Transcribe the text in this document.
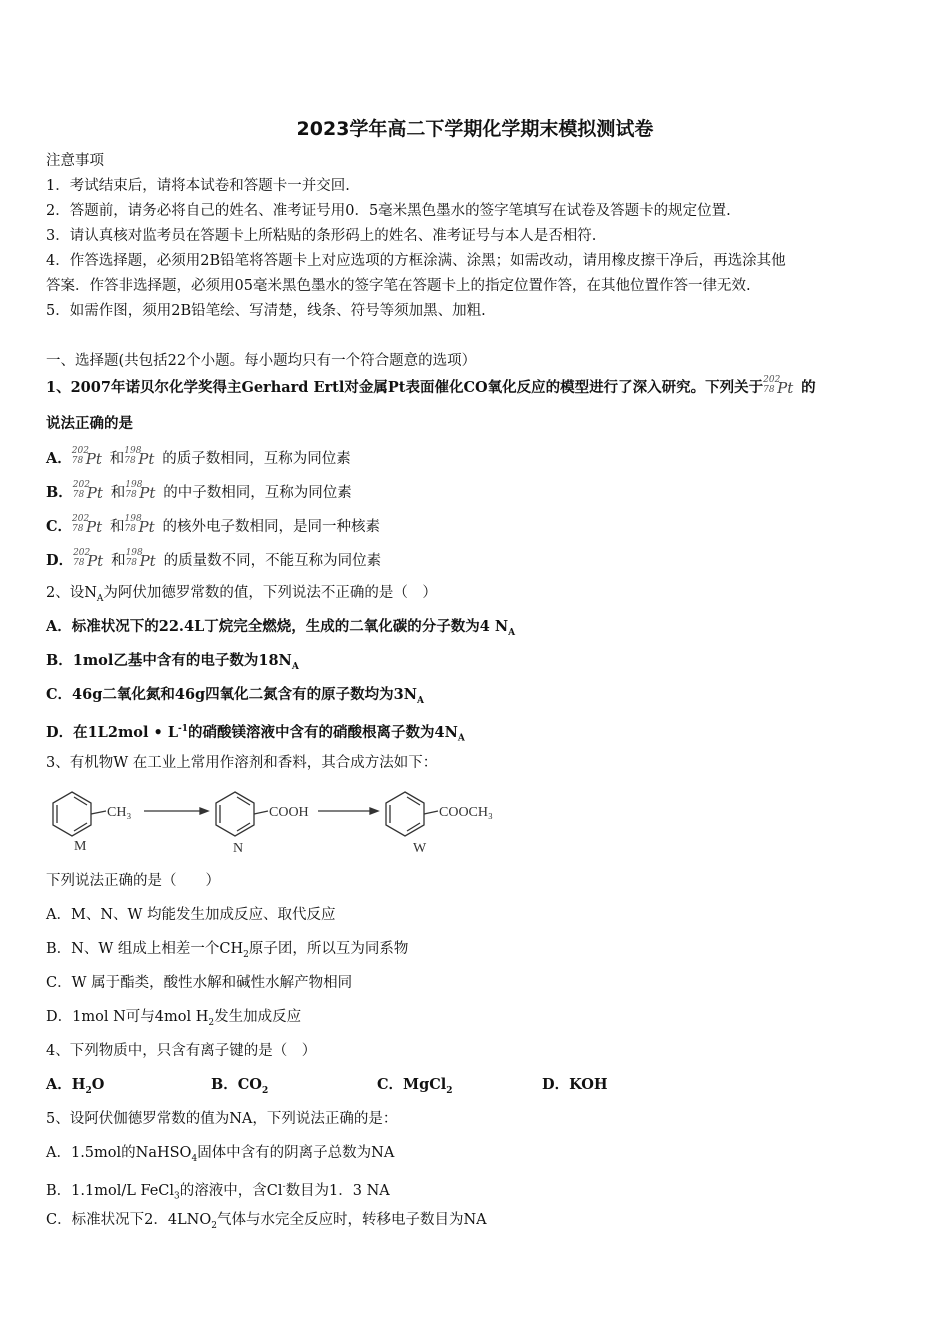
2023学年高二下学期化学期末模拟测试卷
注意事项
1．考试结束后，请将本试卷和答题卡一并交回.
2．答题前，请务必将自己的姓名、准考证号用0．5毫米黑色墨水的签字笔填写在试卷及答题卡的规定位置.
3．请认真核对监考员在答题卡上所粘贴的条形码上的姓名、准考证号与本人是否相符.
4．作答选择题，必须用2B铅笔将答题卡上对应选项的方框涂满、涂黑；如需改动，请用橡皮擦干净后，再选涂其他
答案．作答非选择题，必须用05毫米黑色墨水的签字笔在答题卡上的指定位置作答，在其他位置作答一律无效.
5．如需作图，须用2B铅笔绘、写清楚，线条、符号等须加黑、加粗.
一、选择题(共包括22个小题。每小题均只有一个符合题意的选项）
1、2007年诺贝尔化学奖得主Gerhard Ertl对金属Pt表面催化CO氧化反应的模型进行了深入研究。下列关于 202
78 Pt 的
说法正确的是
A． 202
78 Pt 和 198
78 Pt 的质子数相同，互称为同位素
B． 202
78 Pt 和 198
78 Pt 的中子数相同，互称为同位素
C． 202
78 Pt 和 198
78 Pt 的核外电子数相同，是同一种核素
D． 202
78 Pt 和 198
78 Pt 的质量数不同，不能互称为同位素
2、设$N_A$为阿伏加德罗常数的值，下列说法不正确的是（　）
A．标准状况下的22.4L丁烷完全燃烧，生成的二氧化碳的分子数为4 $N_A$
B．1mol乙基中含有的电子数为$18N_A$
C．46g二氧化氮和46g四氧化二氮含有的原子数均为$3N_A$
D．在1L2mol • $L^{-1}$的硝酸镁溶液中含有的硝酸根离子数为$4N_A$
3、有机物W 在工业上常用作溶剂和香料，其合成方法如下：
CH₃	COOH	COOCH₃
M	N	W
下列说法正确的是（　　）
A．M、N、W 均能发生加成反应、取代反应
B．N、W 组成上相差一个$CH_2$原子团，所以互为同系物
C．W 属于酯类，酸性水解和碱性水解产物相同
D．1mol N可与4mol $H_2$发生加成反应
4、下列物质中，只含有离子键的是（　）
A．$H_2O$	B．$CO_2$	C．MgCl$_2$	D．KOH
5、设阿伏伽德罗常数的值为NA，下列说法正确的是：
A．1.5mol的NaHSO$_4$固体中含有的阴离子总数为NA
B．1.1mol/L FeCl$_3$的溶液中，含Cl-数目为1．3 NA
C．标准状况下2．$4LNO_2$气体与水完全反应时，转移电子数目为NA
